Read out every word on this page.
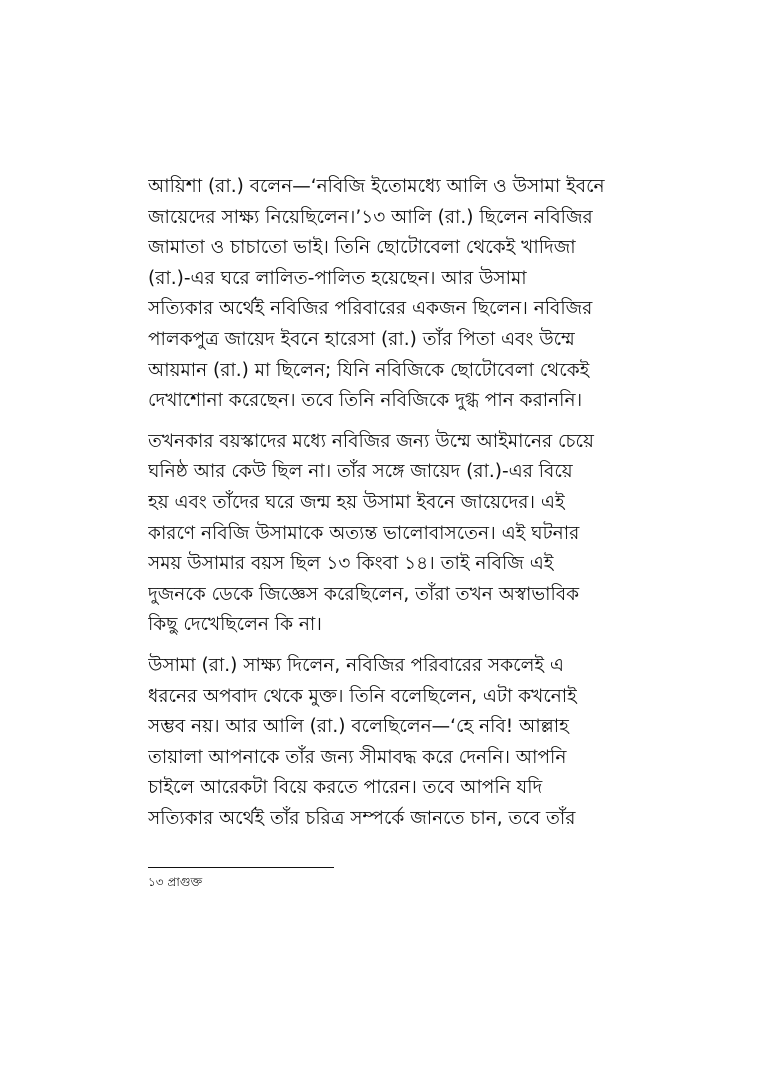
আয়িশা (রা.) বলেন—‘নবিজি ইতোমধ্যে আলি ও উসামা ইবনে
জায়েদের সাক্ষ্য নিয়েছিলেন।’১৩ আলি (রা.) ছিলেন নবিজির
জামাতা ও চাচাতো ভাই। তিনি ছোটোবেলা থেকেই খাদিজা
(রা.)-এর ঘরে লালিত-পালিত হয়েছেন। আর উসামা
সত্যিকার অর্থেই নবিজির পরিবারের একজন ছিলেন। নবিজির
পালকপুত্র জায়েদ ইবনে হারেসা (রা.) তাঁর পিতা এবং উম্মে
আয়মান (রা.) মা ছিলেন; যিনি নবিজিকে ছোটোবেলা থেকেই
দেখাশোনা করেছেন। তবে তিনি নবিজিকে দুগ্ধ পান করাননি।
তখনকার বয়স্কাদের মধ্যে নবিজির জন্য উম্মে আইমানের চেয়ে
ঘনিষ্ঠ আর কেউ ছিল না। তাঁর সঙ্গে জায়েদ (রা.)-এর বিয়ে
হয় এবং তাঁদের ঘরে জন্ম হয় উসামা ইবনে জায়েদের। এই
কারণে নবিজি উসামাকে অত্যন্ত ভালোবাসতেন। এই ঘটনার
সময় উসামার বয়স ছিল ১৩ কিংবা ১৪। তাই নবিজি এই
দুজনকে ডেকে জিজ্ঞেস করেছিলেন, তাঁরা তখন অস্বাভাবিক
কিছু দেখেছিলেন কি না।
উসামা (রা.) সাক্ষ্য দিলেন, নবিজির পরিবারের সকলেই এ
ধরনের অপবাদ থেকে মুক্ত। তিনি বলেছিলেন, এটা কখনোই
সম্ভব নয়। আর আলি (রা.) বলেছিলেন—‘হে নবি! আল্লাহ
তায়ালা আপনাকে তাঁর জন্য সীমাবদ্ধ করে দেননি। আপনি
চাইলে আরেকটা বিয়ে করতে পারেন। তবে আপনি যদি
সত্যিকার অর্থেই তাঁর চরিত্র সম্পর্কে জানতে চান, তবে তাঁর
১৩ প্রাগুক্ত
